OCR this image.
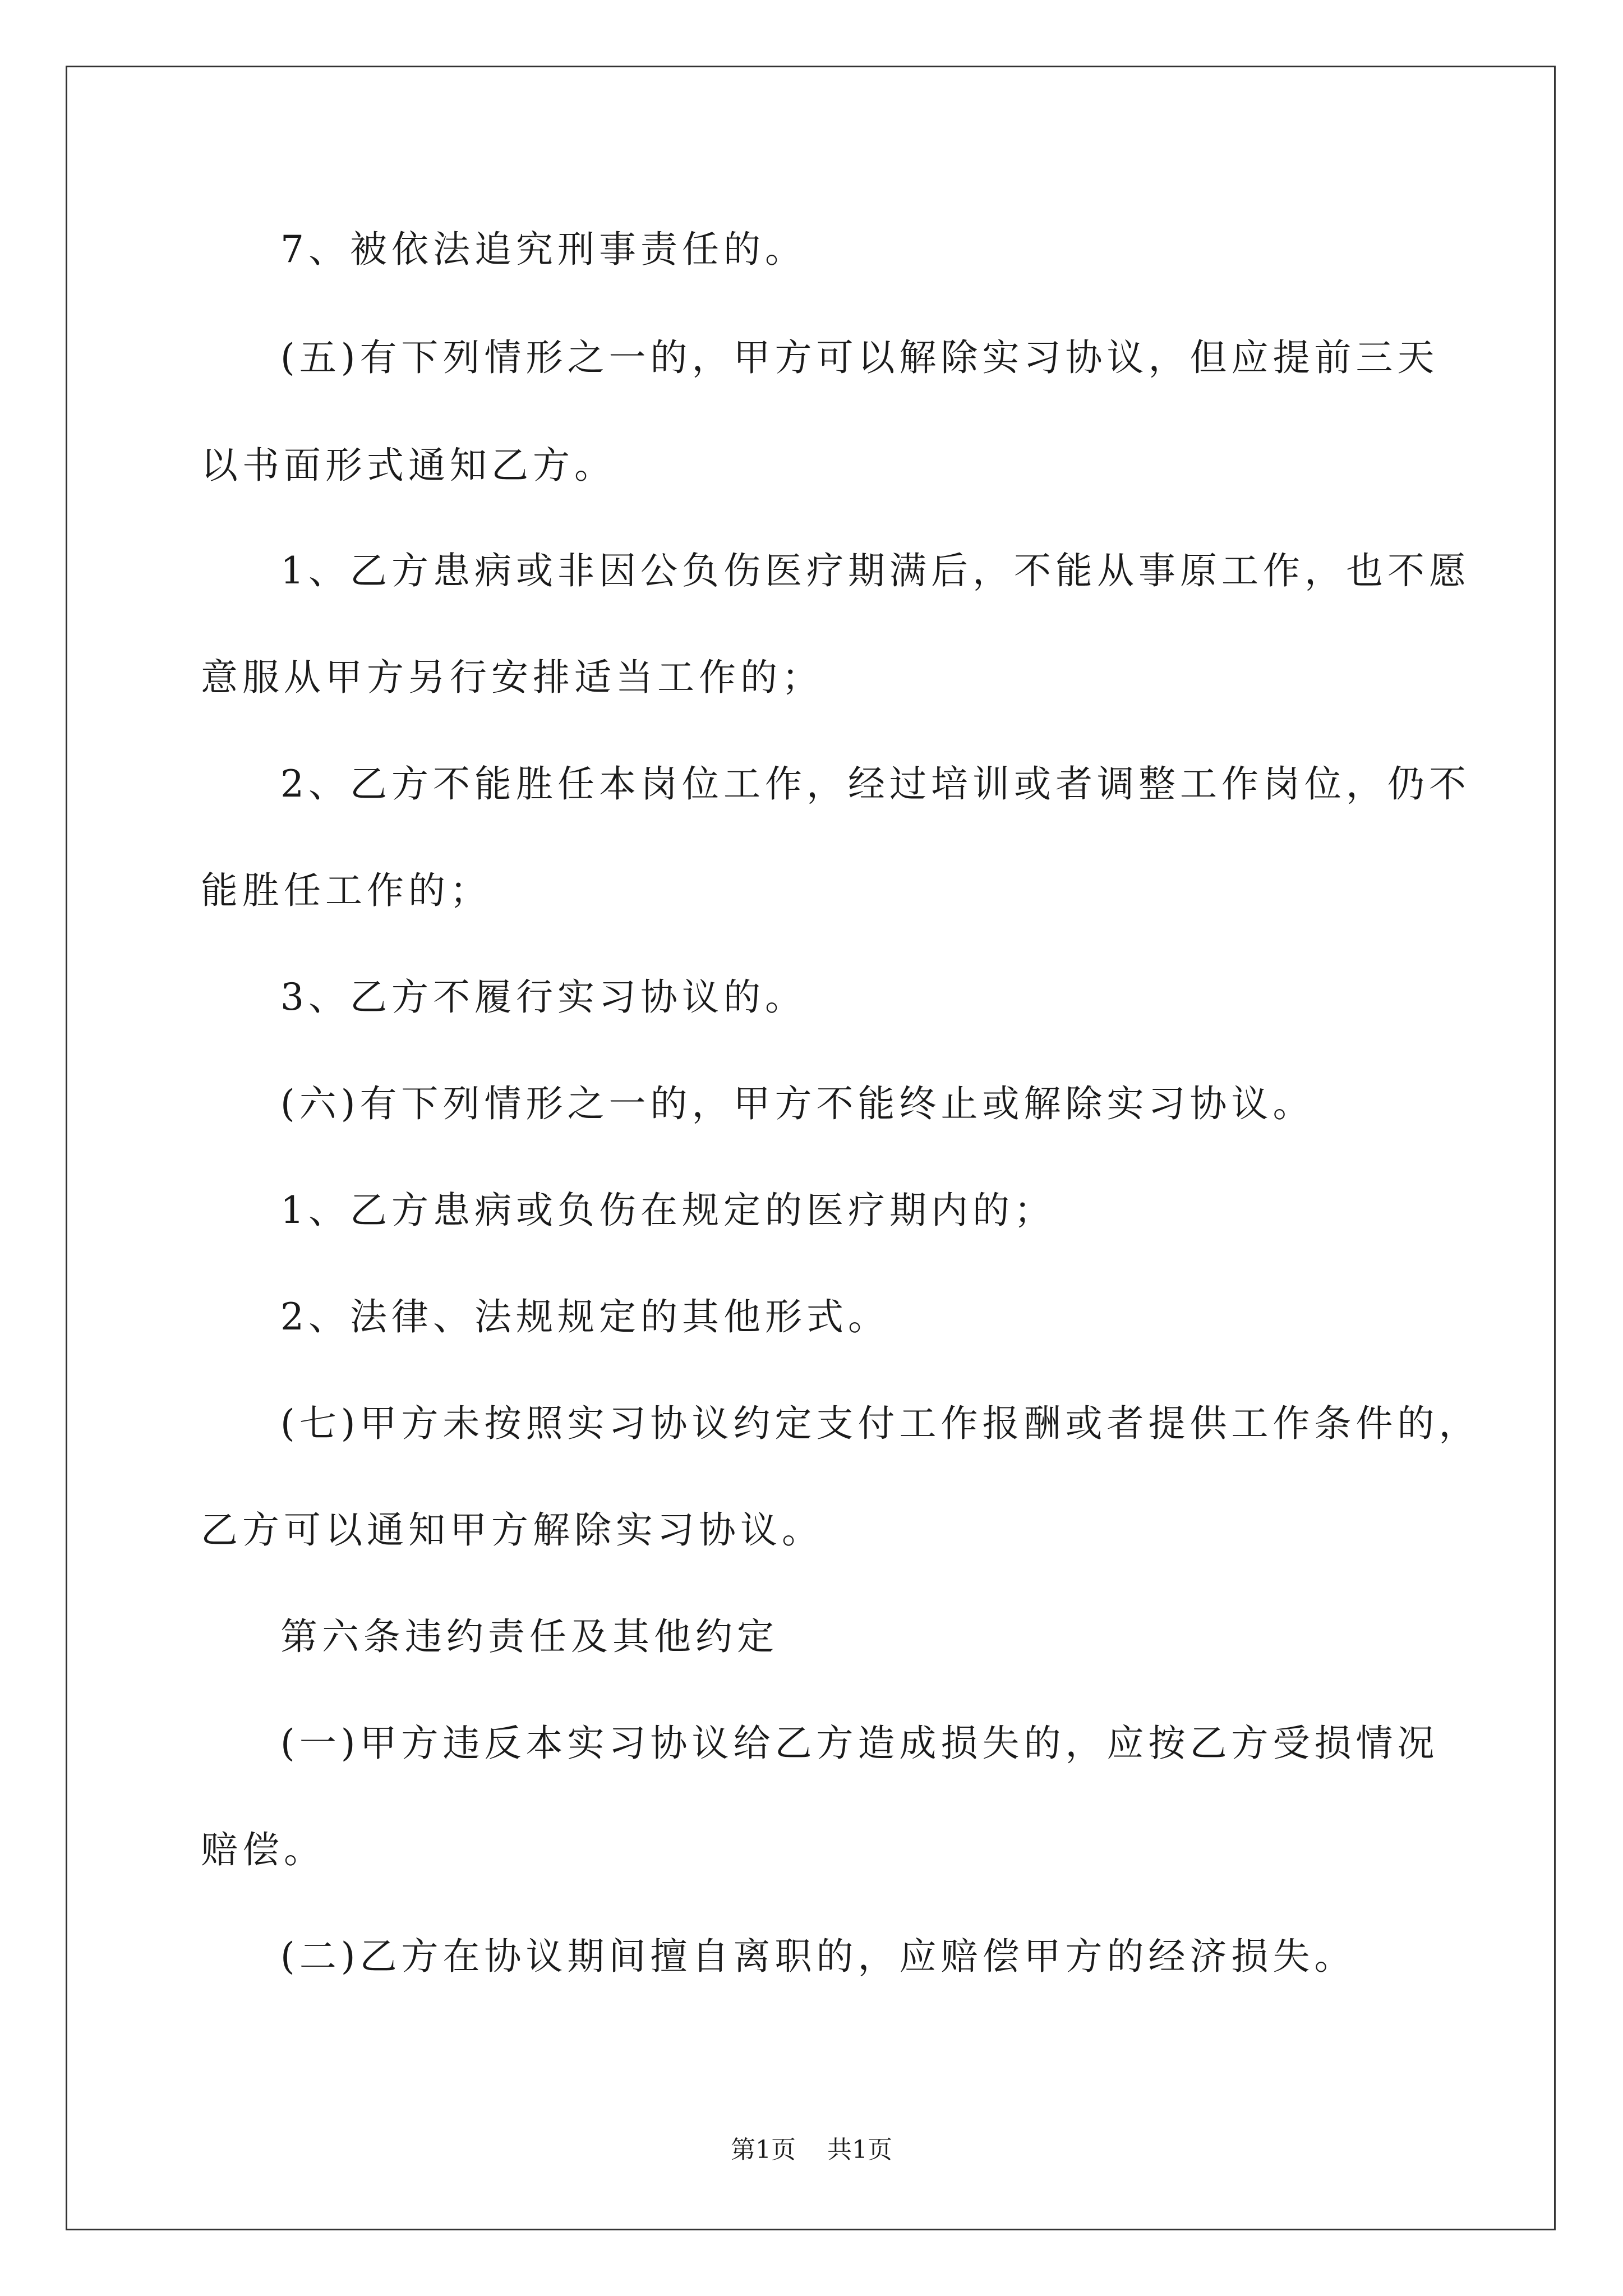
7、被依法追究刑事责任的。
(五)有下列情形之一的，甲方可以解除实习协议，但应提前三天
以书面形式通知乙方。
1、乙方患病或非因公负伤医疗期满后，不能从事原工作，也不愿
意服从甲方另行安排适当工作的；
2、乙方不能胜任本岗位工作，经过培训或者调整工作岗位，仍不
能胜任工作的；
3、乙方不履行实习协议的。
(六)有下列情形之一的，甲方不能终止或解除实习协议。
1、乙方患病或负伤在规定的医疗期内的；
2、法律、法规规定的其他形式。
(七)甲方未按照实习协议约定支付工作报酬或者提供工作条件的，
乙方可以通知甲方解除实习协议。
第六条违约责任及其他约定
(一)甲方违反本实习协议给乙方造成损失的，应按乙方受损情况
赔偿。
(二)乙方在协议期间擅自离职的，应赔偿甲方的经济损失。
第1页 共1页
